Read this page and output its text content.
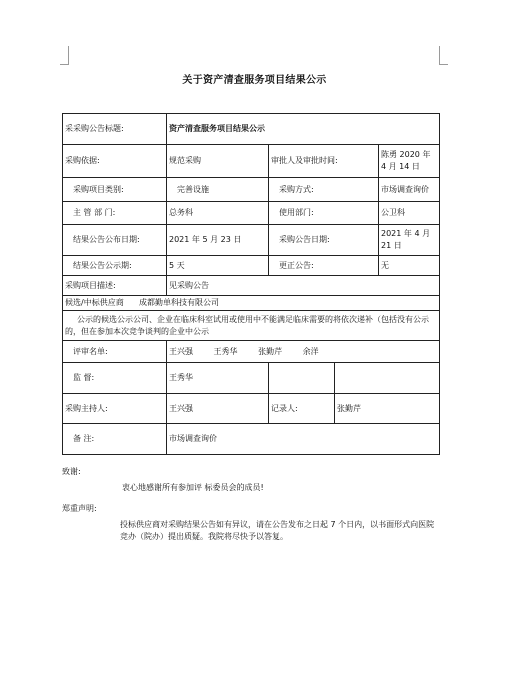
关于资产清查服务项目结果公示
采采购公告标题:	资产清查服务项目结果公示			
采购依据:	规范采购	审批人及审批时间:		陈勇 2020 年 4 月 14 日
采购项目类别:	完善设施	采购方式:		市场调查询价
主 管 部 门:	总务科	使用部门:		公卫科
结果公告公布日期:	2021 年 5 月 23 日	采购公告日期:		2021 年 4 月 21 日
结果公告公示期:	5 天	更正公告:		无
采购项目描述:	见采购公告			
候选/中标供应商 成都勤单科技有限公司				
公示的候选公示公司、企业在临床科室试用或使用中不能满足临床需要的将依次递补（包括没有公示的，但在参加本次竞争谈判的企业中公示				
评审名单:	王兴强 王秀华 张勤芹 余洋			
监 督:	王秀华			
采购主持人:	王兴强	记录人:	张勤芹	
备 注:	市场调查询价			
致谢:
衷心地感谢所有参加评 标委员会的成员!
郑重声明:
投标供应商对采购结果公告如有异议，请在公告发布之日起 7 个日内，以书面形式向医院竞办（院办）提出质疑。我院将尽快予以答复。
